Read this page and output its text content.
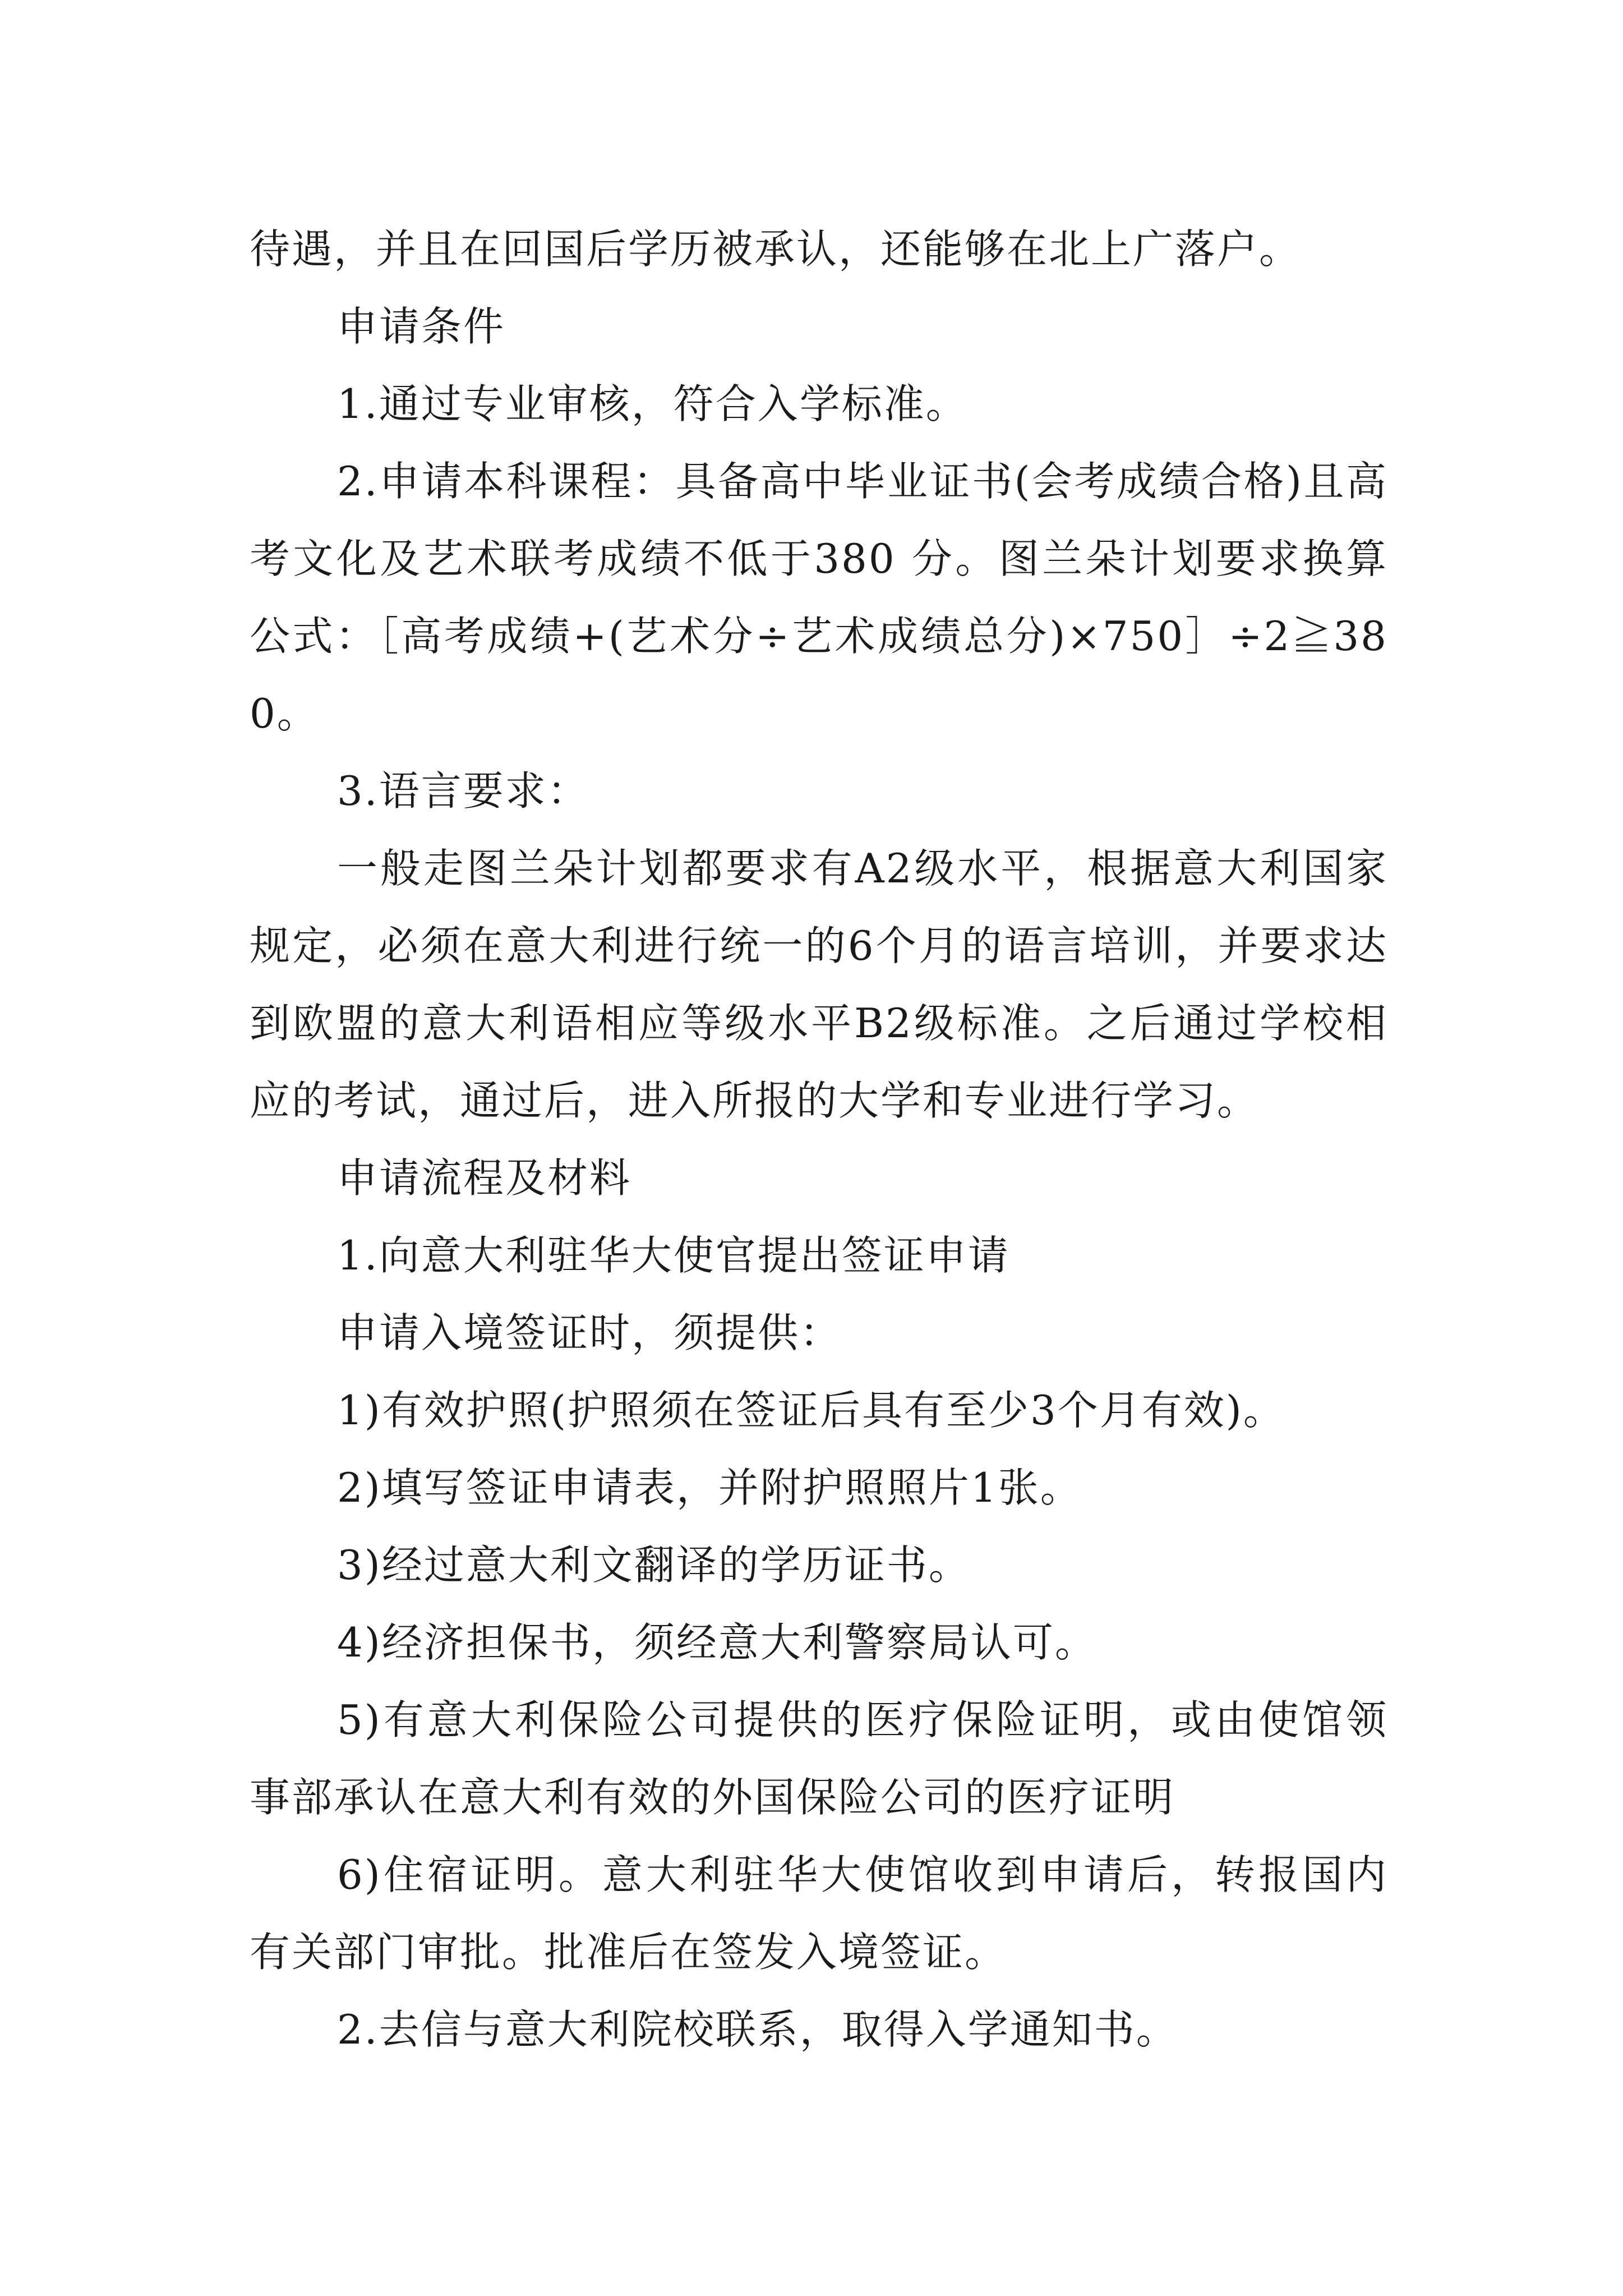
待遇，并且在回国后学历被承认，还能够在北上广落户。

申请条件

1.通过专业审核，符合入学标准。

2.申请本科课程：具备高中毕业证书(会考成绩合格)且高考文化及艺术联考成绩不低于380 分。图兰朵计划要求换算公式：［高考成绩+(艺术分÷艺术成绩总分)×750］÷2≧380。

3.语言要求：

一般走图兰朵计划都要求有A2级水平，根据意大利国家规定，必须在意大利进行统一的6个月的语言培训，并要求达到欧盟的意大利语相应等级水平B2级标准。之后通过学校相应的考试，通过后，进入所报的大学和专业进行学习。

申请流程及材料

1.向意大利驻华大使官提出签证申请

申请入境签证时，须提供：

1)有效护照(护照须在签证后具有至少3个月有效)。

2)填写签证申请表，并附护照照片1张。

3)经过意大利文翻译的学历证书。

4)经济担保书，须经意大利警察局认可。

5)有意大利保险公司提供的医疗保险证明，或由使馆领事部承认在意大利有效的外国保险公司的医疗证明

6)住宿证明。意大利驻华大使馆收到申请后，转报国内有关部门审批。批准后在签发入境签证。

2.去信与意大利院校联系，取得入学通知书。
